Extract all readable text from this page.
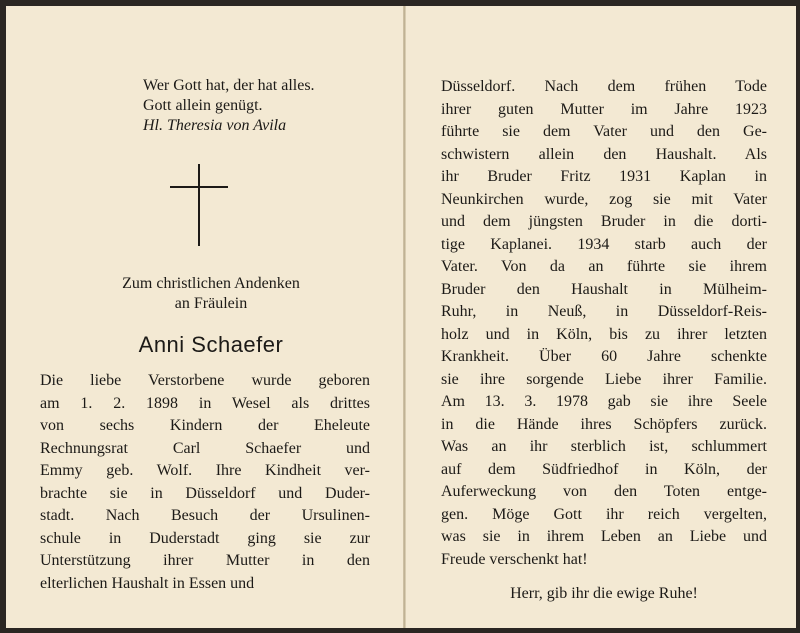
Wer Gott hat, der hat alles.
Gott allein genügt.
Hl. Theresia von Avila
Zum christlichen Andenken
an Fräulein
Anni Schaefer
Die liebe Verstorbene wurde geboren
am 1. 2. 1898 in Wesel als drittes
von sechs Kindern der Eheleute
Rechnungsrat Carl Schaefer und
Emmy geb. Wolf. Ihre Kindheit ver-
brachte sie in Düsseldorf und Duder-
stadt. Nach Besuch der Ursulinen-
schule in Duderstadt ging sie zur
Unterstützung ihrer Mutter in den
elterlichen Haushalt in Essen und
Düsseldorf. Nach dem frühen Tode
ihrer guten Mutter im Jahre 1923
führte sie dem Vater und den Ge-
schwistern allein den Haushalt. Als
ihr Bruder Fritz 1931 Kaplan in
Neunkirchen wurde, zog sie mit Vater
und dem jüngsten Bruder in die dorti-
tige Kaplanei. 1934 starb auch der
Vater. Von da an führte sie ihrem
Bruder den Haushalt in Mülheim-
Ruhr, in Neuß, in Düsseldorf-Reis-
holz und in Köln, bis zu ihrer letzten
Krankheit. Über 60 Jahre schenkte
sie ihre sorgende Liebe ihrer Familie.
Am 13. 3. 1978 gab sie ihre Seele
in die Hände ihres Schöpfers zurück.
Was an ihr sterblich ist, schlummert
auf dem Südfriedhof in Köln, der
Auferweckung von den Toten entge-
gen. Möge Gott ihr reich vergelten,
was sie in ihrem Leben an Liebe und
Freude verschenkt hat!
Herr, gib ihr die ewige Ruhe!
